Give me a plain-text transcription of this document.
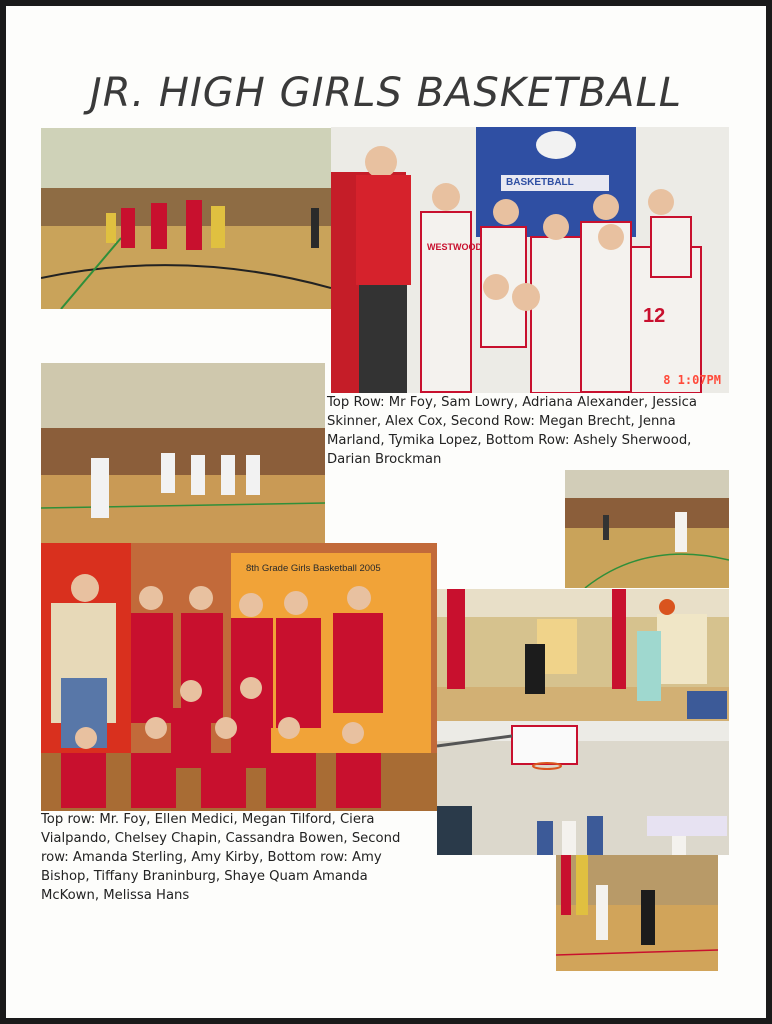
JR. HIGH GIRLS BASKETBALL
BASKETBALL
WESTWOOD
12
8 1:07PM
Top Row: Mr Foy, Sam Lowry, Adriana Alexander, Jessica Skinner, Alex Cox, Second Row: Megan Brecht, Jenna Marland, Tymika Lopez, Bottom Row: Ashely Sherwood, Darian Brockman
8th Grade Girls Basketball 2005
Top row: Mr. Foy, Ellen Medici, Megan Tilford, Ciera Vialpando, Chelsey Chapin, Cassandra Bowen, Second row: Amanda Sterling, Amy Kirby, Bottom row: Amy Bishop, Tiffany Braninburg, Shaye Quam Amanda McKown, Melissa Hans
